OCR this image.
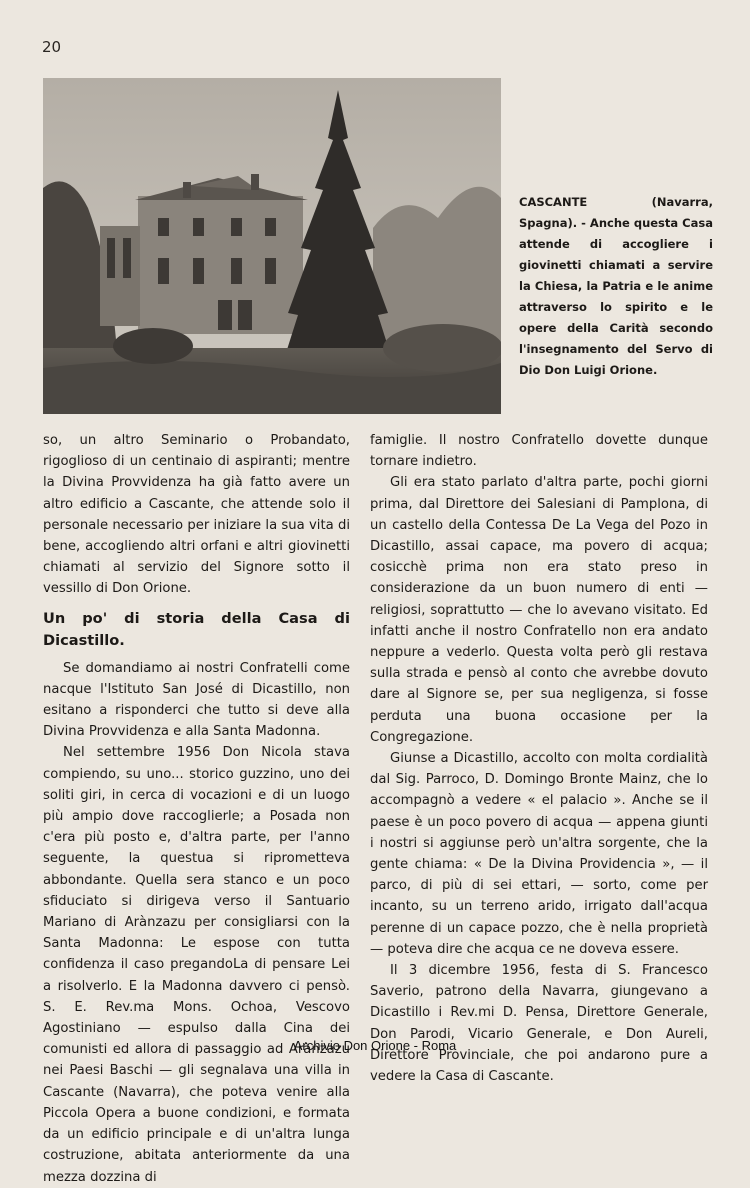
20
CASCANTE (Navarra, Spagna). - Anche questa Casa attende di accogliere i giovinetti chiamati a servire la Chiesa, la Patria e le anime attraverso lo spirito e le opere della Carità secondo l'insegnamento del Servo di Dio Don Luigi Orione.

so, un altro Seminario o Probandato, rigoglioso di un centinaio di aspiranti; mentre la Divina Provvidenza ha già fatto avere un altro edificio a Cascante, che attende solo il personale necessario per iniziare la sua vita di bene, accogliendo altri orfani e altri giovinetti chiamati al servizio del Signore sotto il vessillo di Don Orione.

Un po' di storia della Casa di Dicastillo.

Se domandiamo ai nostri Confratelli come nacque l'Istituto San José di Dicastillo, non esitano a risponderci che tutto si deve alla Divina Provvidenza e alla Santa Madonna.

Nel settembre 1956 Don Nicola stava compiendo, su uno... storico guzzino, uno dei soliti giri, in cerca di vocazioni e di un luogo più ampio dove raccoglierle; a Posada non c'era più posto e, d'altra parte, per l'anno seguente, la questua si riprometteva abbondante. Quella sera stanco e un poco sfiduciato si dirigeva verso il Santuario Mariano di Arànzazu per consigliarsi con la Santa Madonna: Le espose con tutta confidenza il caso pregandoLa di pensare Lei a risolverlo. E la Madonna davvero ci pensò. S. E. Rev.ma Mons. Ochoa, Vescovo Agostiniano — espulso dalla Cina dei comunisti ed allora di passaggio ad Arànzazu nei Paesi Baschi — gli segnalava una villa in Cascante (Navarra), che poteva venire alla Piccola Opera a buone condizioni, e formata da un edificio principale e di un'altra lunga costruzione, abitata anteriormente da una mezza dozzina di

famiglie. Il nostro Confratello dovette dunque tornare indietro.

Gli era stato parlato d'altra parte, pochi giorni prima, dal Direttore dei Salesiani di Pamplona, di un castello della Contessa De La Vega del Pozo in Dicastillo, assai capace, ma povero di acqua; cosicchè prima non era stato preso in considerazione da un buon numero di enti — religiosi, soprattutto — che lo avevano visitato. Ed infatti anche il nostro Confratello non era andato neppure a vederlo. Questa volta però gli restava sulla strada e pensò al conto che avrebbe dovuto dare al Signore se, per sua negligenza, si fosse perduta una buona occasione per la Congregazione.

Giunse a Dicastillo, accolto con molta cordialità dal Sig. Parroco, D. Domingo Bronte Mainz, che lo accompagnò a vedere « el palacio ». Anche se il paese è un poco povero di acqua — appena giunti i nostri si aggiunse però un'altra sorgente, che la gente chiama: « De la Divina Providencia », — il parco, di più di sei ettari, — sorto, come per incanto, su un terreno arido, irrigato dall'acqua perenne di un capace pozzo, che è nella proprietà — poteva dire che acqua ce ne doveva essere.

Il 3 dicembre 1956, festa di S. Francesco Saverio, patrono della Navarra, giungevano a Dicastillo i Rev.mi D. Pensa, Direttore Generale, Don Parodi, Vicario Generale, e Don Aureli, Direttore Provinciale, che poi andarono pure a vedere la Casa di Cascante.

Archivio Don Orione - Roma
